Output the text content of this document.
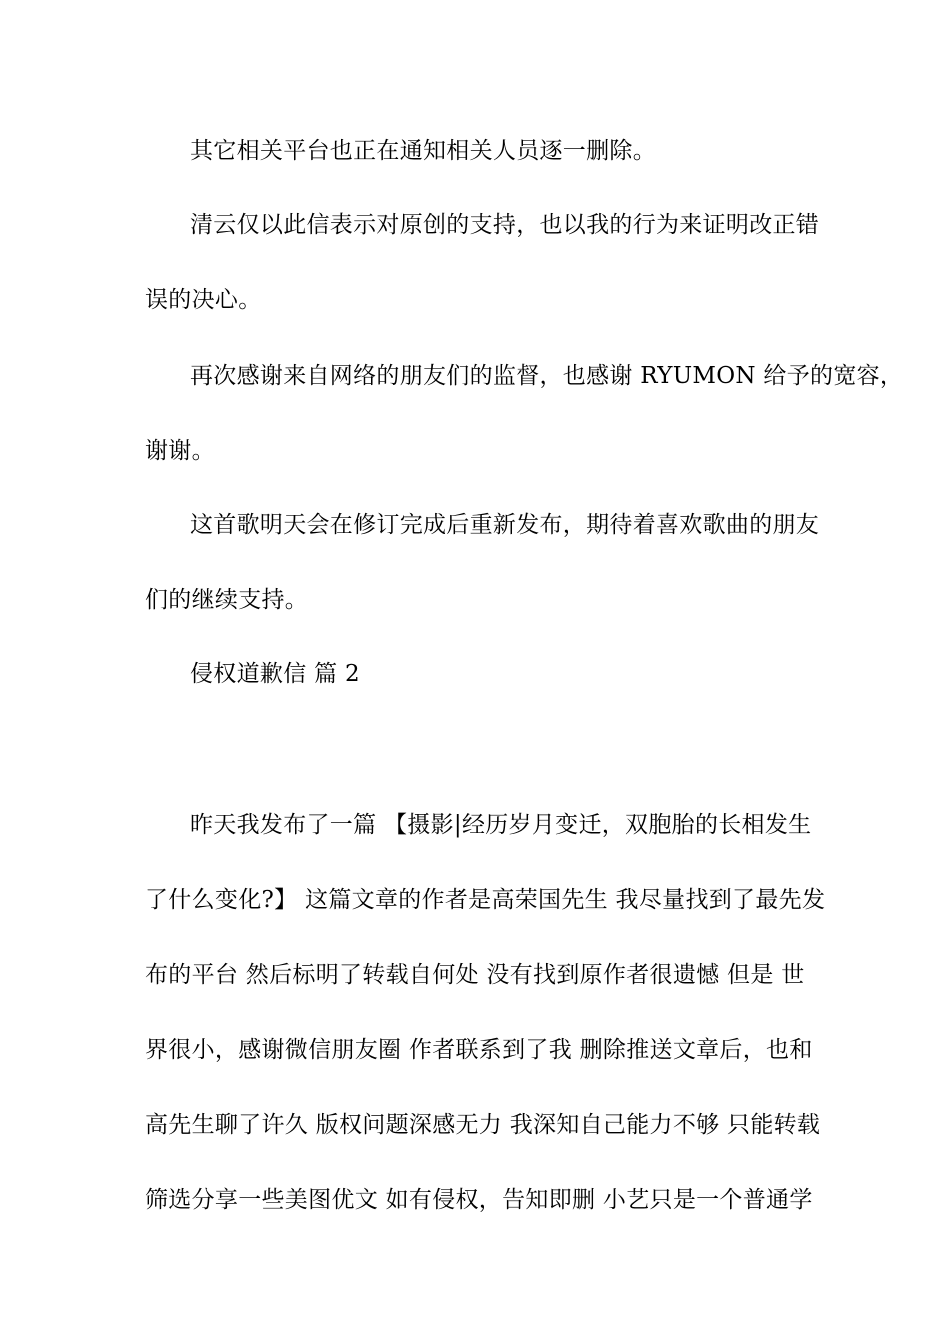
其它相关平台也正在通知相关人员逐一删除。
清云仅以此信表示对原创的支持，也以我的行为来证明改正错
误的决心。
再次感谢来自网络的朋友们的监督，也感谢 RYUMON 给予的宽容，
谢谢。
这首歌明天会在修订完成后重新发布，期待着喜欢歌曲的朋友
们的继续支持。
侵权道歉信 篇 2
昨天我发布了一篇 【摄影|经历岁月变迁，双胞胎的长相发生
了什么变化?】 这篇文章的作者是高荣国先生 我尽量找到了最先发
布的平台 然后标明了转载自何处 没有找到原作者很遗憾 但是 世
界很小，感谢微信朋友圈 作者联系到了我 删除推送文章后，也和
高先生聊了许久 版权问题深感无力 我深知自己能力不够 只能转载
筛选分享一些美图优文 如有侵权，告知即删 小艺只是一个普通学
